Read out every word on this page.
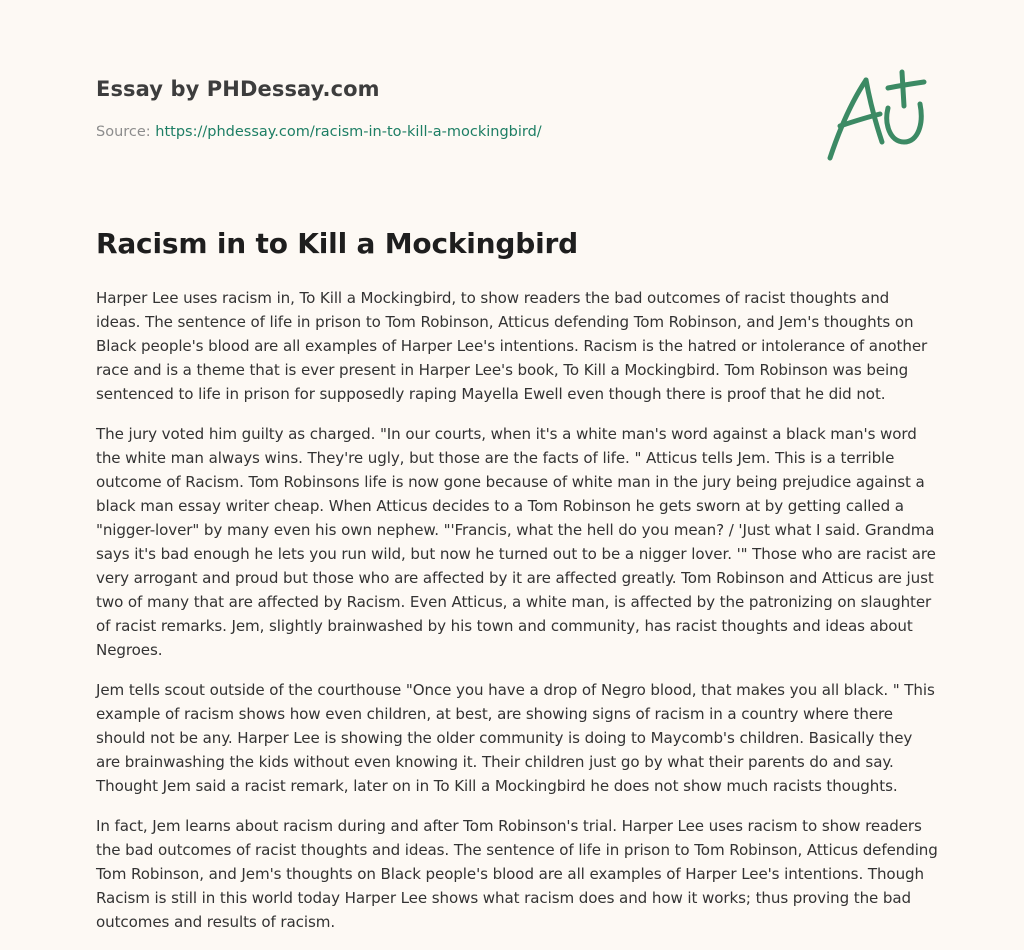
Essay by PHDessay.com
Source: https://phdessay.com/racism-in-to-kill-a-mockingbird/
Racism in to Kill a Mockingbird

Harper Lee uses racism in, To Kill a Mockingbird, to show readers the bad outcomes of racist thoughts and ideas. The sentence of life in prison to Tom Robinson, Atticus defending Tom Robinson, and Jem's thoughts on Black people's blood are all examples of Harper Lee's intentions. Racism is the hatred or intolerance of another race and is a theme that is ever present in Harper Lee's book, To Kill a Mockingbird. Tom Robinson was being sentenced to life in prison for supposedly raping Mayella Ewell even though there is proof that he did not.

The jury voted him guilty as charged. "In our courts, when it's a white man's word against a black man's word the white man always wins. They're ugly, but those are the facts of life. " Atticus tells Jem. This is a terrible outcome of Racism. Tom Robinsons life is now gone because of white man in the jury being prejudice against a black man essay writer cheap. When Atticus decides to a Tom Robinson he gets sworn at by getting called a "nigger-lover" by many even his own nephew. "'Francis, what the hell do you mean? / 'Just what I said. Grandma says it's bad enough he lets you run wild, but now he turned out to be a nigger lover. '" Those who are racist are very arrogant and proud but those who are affected by it are affected greatly. Tom Robinson and Atticus are just two of many that are affected by Racism. Even Atticus, a white man, is affected by the patronizing on slaughter of racist remarks. Jem, slightly brainwashed by his town and community, has racist thoughts and ideas about Negroes.

Jem tells scout outside of the courthouse "Once you have a drop of Negro blood, that makes you all black. " This example of racism shows how even children, at best, are showing signs of racism in a country where there should not be any. Harper Lee is showing the older community is doing to Maycomb's children. Basically they are brainwashing the kids without even knowing it. Their children just go by what their parents do and say. Thought Jem said a racist remark, later on in To Kill a Mockingbird he does not show much racists thoughts.

In fact, Jem learns about racism during and after Tom Robinson's trial. Harper Lee uses racism to show readers the bad outcomes of racist thoughts and ideas. The sentence of life in prison to Tom Robinson, Atticus defending Tom Robinson, and Jem's thoughts on Black people's blood are all examples of Harper Lee's intentions. Though Racism is still in this world today Harper Lee shows what racism does and how it works; thus proving the bad outcomes and results of racism.
